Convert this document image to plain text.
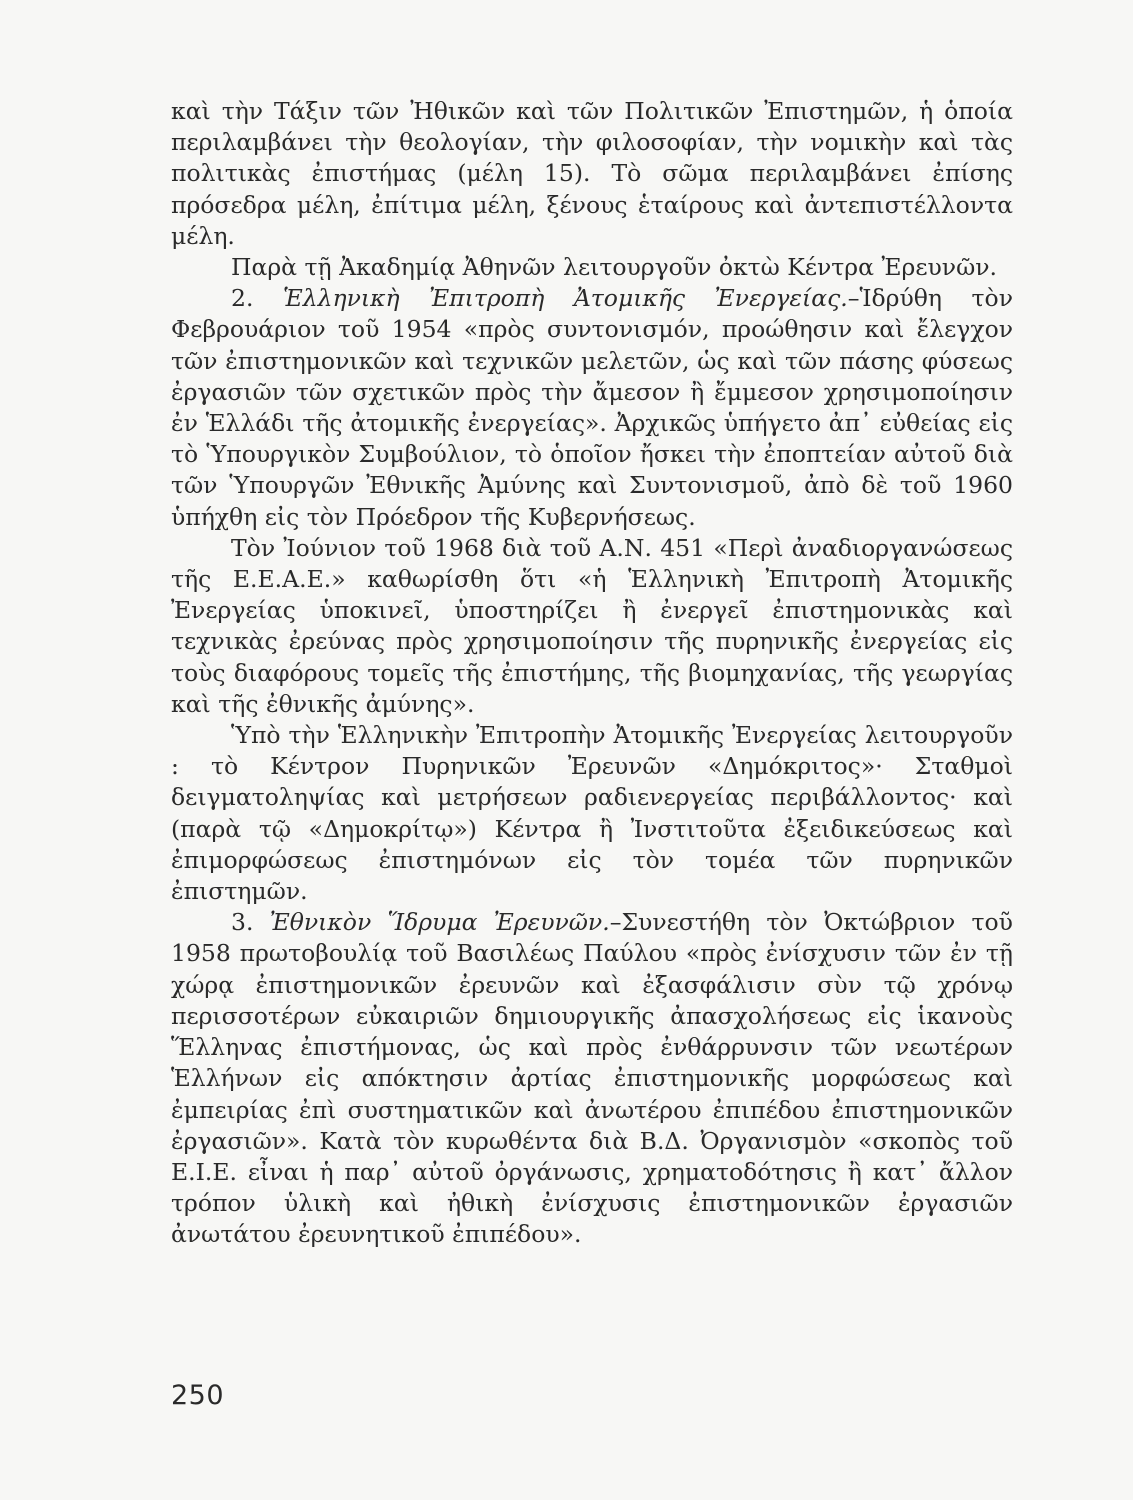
καὶ τὴν Τάξιν τῶν Ἠθικῶν καὶ τῶν Πολιτικῶν Ἐπιστημῶν, ἡ ὁποία περιλαμβάνει τὴν θεολογίαν, τὴν φιλοσοφίαν, τὴν νομικὴν καὶ τὰς πολιτικὰς ἐπιστήμας (μέλη 15). Τὸ σῶμα περιλαμβάνει ἐπίσης πρόσεδρα μέλη, ἐπίτιμα μέλη, ξένους ἑταίρους καὶ ἀντεπιστέλλοντα μέλη.

Παρὰ τῇ Ἀκαδημίᾳ Ἀθηνῶν λειτουργοῦν ὀκτὼ Κέντρα Ἐρευνῶν.

2. Ἑλληνικὴ Ἐπιτροπὴ Ἀτομικῆς Ἐνεργείας.–Ἱδρύθη τὸν Φεβρουάριον τοῦ 1954 «πρὸς συντονισμόν, προώθησιν καὶ ἔλεγχον τῶν ἐπιστημονικῶν καὶ τεχνικῶν μελετῶν, ὡς καὶ τῶν πάσης φύσεως ἐργασιῶν τῶν σχετικῶν πρὸς τὴν ἄμεσον ἢ ἔμμεσον χρησιμοποίησιν ἐν Ἑλλάδι τῆς ἀτομικῆς ἐνεργείας». Ἀρχικῶς ὑπήγετο ἀπ᾽ εὐθείας εἰς τὸ Ὑπουργικὸν Συμβούλιον, τὸ ὁποῖον ἤσκει τὴν ἐποπτείαν αὐτοῦ διὰ τῶν Ὑπουργῶν Ἐθνικῆς Ἀμύνης καὶ Συντονισμοῦ, ἀπὸ δὲ τοῦ 1960 ὑπήχθη εἰς τὸν Πρόεδρον τῆς Κυβερνήσεως.

Τὸν Ἰούνιον τοῦ 1968 διὰ τοῦ Α.Ν. 451 «Περὶ ἀναδιοργανώσεως τῆς Ε.Ε.Α.Ε.» καθωρίσθη ὅτι «ἡ Ἑλληνικὴ Ἐπιτροπὴ Ἀτομικῆς Ἐνεργείας ὑποκινεῖ, ὑποστηρίζει ἢ ἐνεργεῖ ἐπιστημονικὰς καὶ τεχνικὰς ἐρεύνας πρὸς χρησιμοποίησιν τῆς πυρηνικῆς ἐνεργείας εἰς τοὺς διαφόρους τομεῖς τῆς ἐπιστήμης, τῆς βιομηχανίας, τῆς γεωργίας καὶ τῆς ἐθνικῆς ἀμύνης».

Ὑπὸ τὴν Ἑλληνικὴν Ἐπιτροπὴν Ἀτομικῆς Ἐνεργείας λειτουργοῦν : τὸ Κέντρον Πυρηνικῶν Ἐρευνῶν «Δημόκριτος»· Σταθμοὶ δειγματοληψίας καὶ μετρήσεων ραδιενεργείας περιβάλλοντος· καὶ (παρὰ τῷ «Δημοκρίτῳ») Κέντρα ἢ Ἰνστιτοῦτα ἐξειδικεύσεως καὶ ἐπιμορφώσεως ἐπιστημόνων εἰς τὸν τομέα τῶν πυρηνικῶν ἐπιστημῶν.

3. Ἐθνικὸν Ἵδρυμα Ἐρευνῶν.–Συνεστήθη τὸν Ὀκτώβριον τοῦ 1958 πρωτοβουλίᾳ τοῦ Βασιλέως Παύλου «πρὸς ἐνίσχυσιν τῶν ἐν τῇ χώρᾳ ἐπιστημονικῶν ἐρευνῶν καὶ ἐξασφάλισιν σὺν τῷ χρόνῳ περισσοτέρων εὐκαιριῶν δημιουργικῆς ἀπασχολήσεως εἰς ἱκανοὺς Ἕλληνας ἐπιστήμονας, ὡς καὶ πρὸς ἐνθάρρυνσιν τῶν νεωτέρων Ἑλλήνων εἰς απόκτησιν ἀρτίας ἐπιστημονικῆς μορφώσεως καὶ ἐμπειρίας ἐπὶ συστηματικῶν καὶ ἀνωτέρου ἐπιπέδου ἐπιστημονικῶν ἐργασιῶν». Κατὰ τὸν κυρωθέντα διὰ Β.Δ. Ὀργανισμὸν «σκοπὸς τοῦ Ε.Ι.Ε. εἶναι ἡ παρ᾽ αὐτοῦ ὀργάνωσις, χρηματοδότησις ἢ κατ᾽ ἄλλον τρόπον ὑλικὴ καὶ ἠθικὴ ἐνίσχυσις ἐπιστημονικῶν ἐργασιῶν ἀνωτάτου ἐρευνητικοῦ ἐπιπέδου».

250
